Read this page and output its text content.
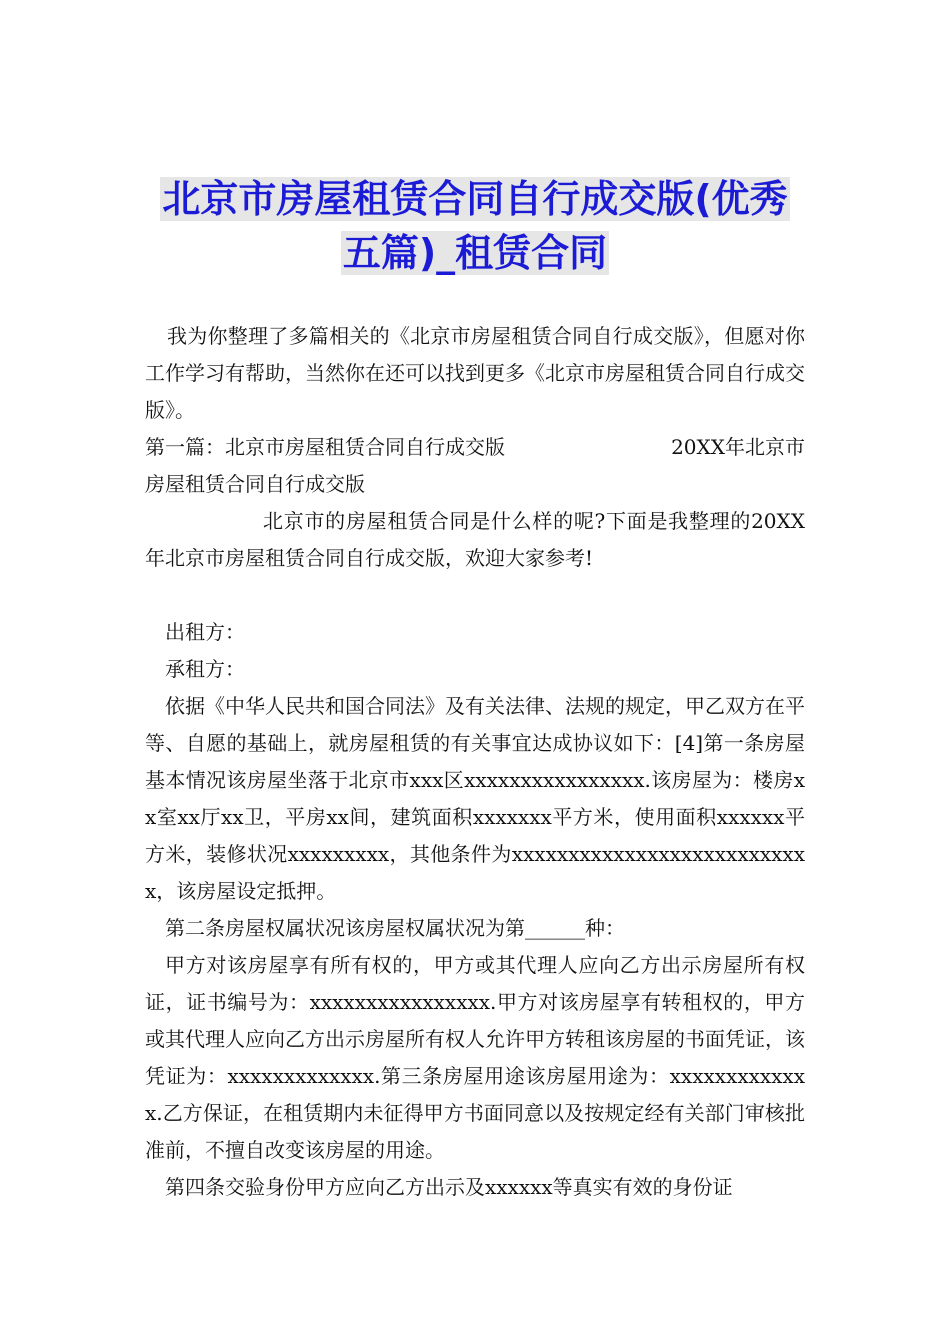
北京市房屋租赁合同自行成交版(优秀
五篇)_租赁合同

我为你整理了多篇相关的《北京市房屋租赁合同自行成交版》，但愿对你工作学习有帮助，当然你在还可以找到更多《北京市房屋租赁合同自行成交版》。

第一篇：北京市房屋租赁合同自行成交版	20XX年北京市

房屋租赁合同自行成交版

北京市的房屋租赁合同是什么样的呢?下面是我整理的20XX年北京市房屋租赁合同自行成交版，欢迎大家参考!

出租方：

承租方：

依据《中华人民共和国合同法》及有关法律、法规的规定，甲乙双方在平等、自愿的基础上，就房屋租赁的有关事宜达成协议如下：[4]第一条房屋基本情况该房屋坐落于北京市xxx区xxxxxxxxxxxxxxxx.该房屋为：楼房xx室xx厅xx卫，平房xx间，建筑面积xxxxxxx平方米，使用面积xxxxxx平方米，装修状况xxxxxxxxx，其他条件为xxxxxxxxxxxxxxxxxxxxxxxxxxx，该房屋设定抵押。

第二条房屋权属状况该房屋权属状况为第______种：

甲方对该房屋享有所有权的，甲方或其代理人应向乙方出示房屋所有权证，证书编号为：xxxxxxxxxxxxxxxx.甲方对该房屋享有转租权的，甲方或其代理人应向乙方出示房屋所有权人允许甲方转租该房屋的书面凭证，该凭证为：xxxxxxxxxxxxx.第三条房屋用途该房屋用途为：xxxxxxxxxxxxx.乙方保证，在租赁期内未征得甲方书面同意以及按规定经有关部门审核批准前，不擅自改变该房屋的用途。

第四条交验身份甲方应向乙方出示及xxxxxx等真实有效的身份证
